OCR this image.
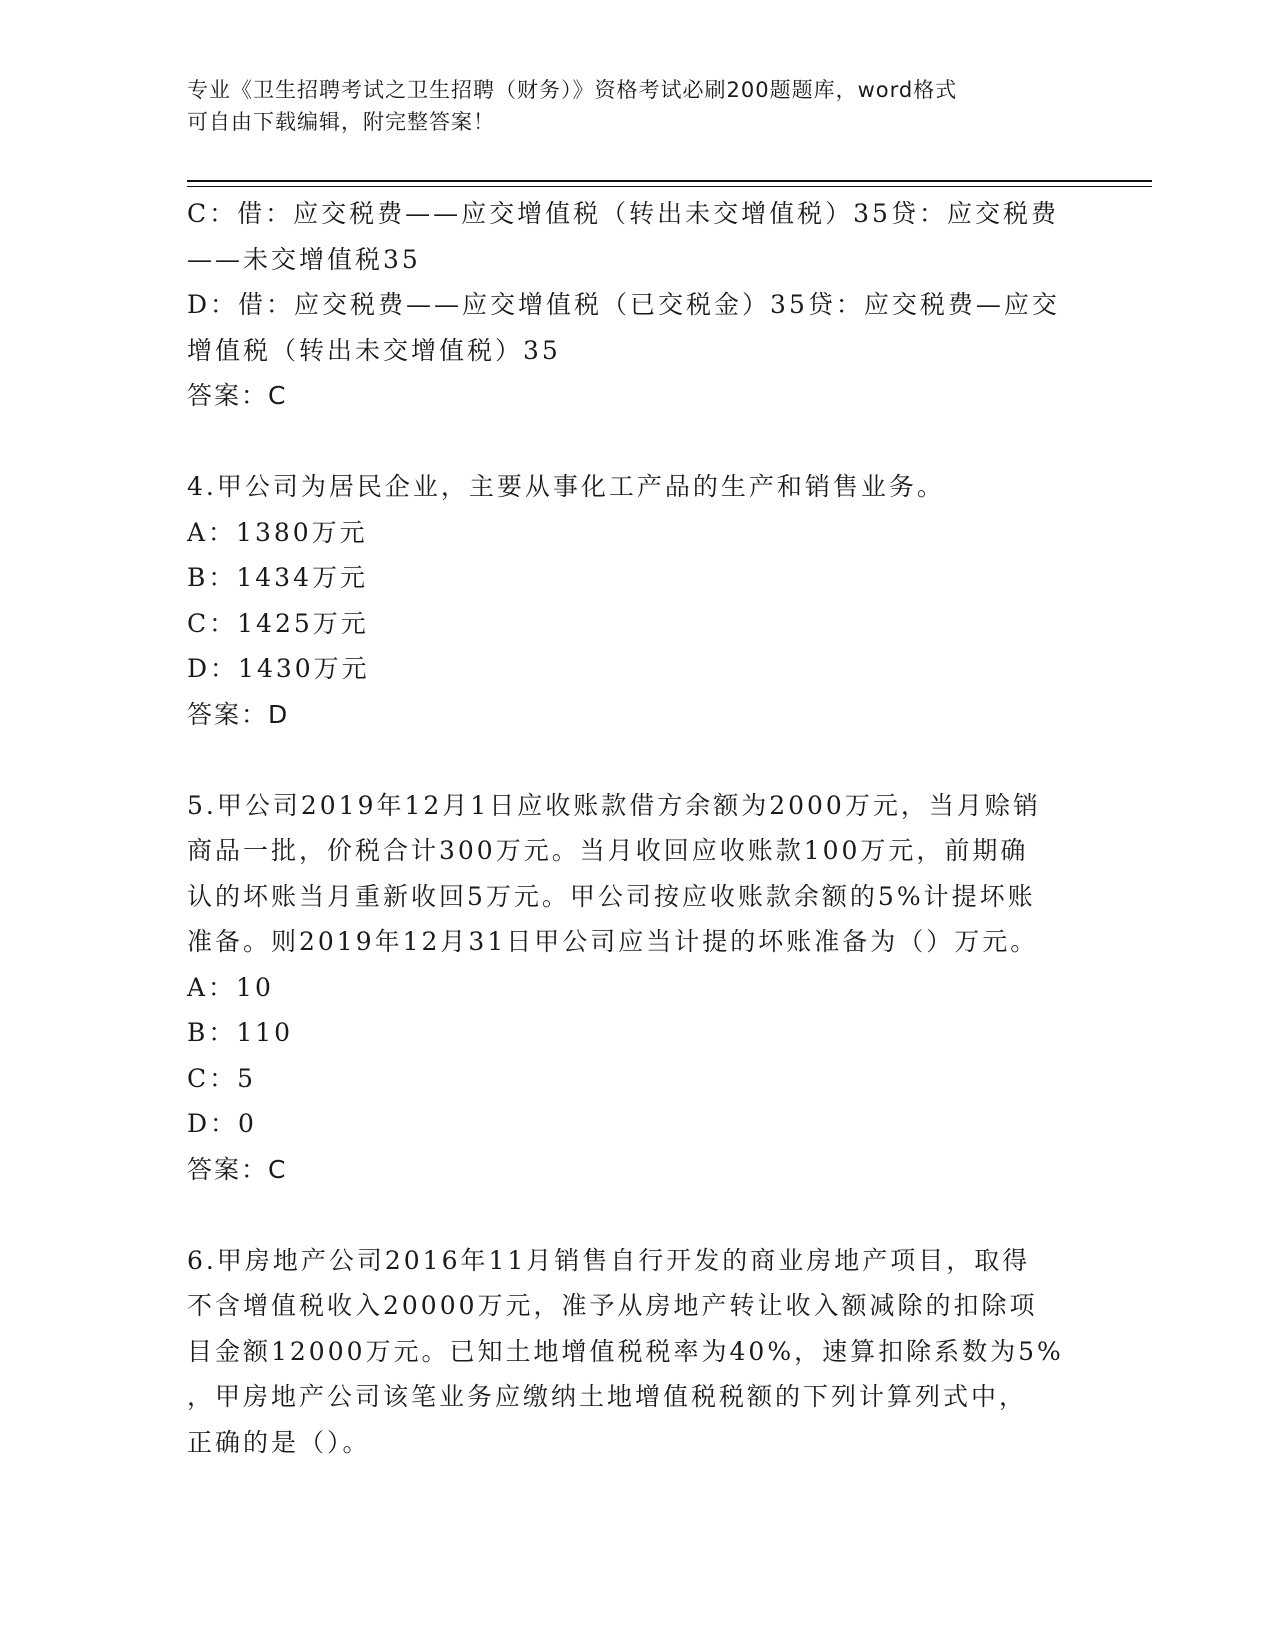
专业《卫生招聘考试之卫生招聘（财务）》资格考试必刷200题题库，word格式
可自由下载编辑，附完整答案！

C：借：应交税费——应交增值税（转出未交增值税）35贷：应交税费

——未交增值税35

D：借：应交税费——应交增值税（已交税金）35贷：应交税费—应交

增值税（转出未交增值税）35

答案：C

4.甲公司为居民企业，主要从事化工产品的生产和销售业务。

A：1380万元

B：1434万元

C：1425万元

D：1430万元

答案：D

5.甲公司2019年12月1日应收账款借方余额为2000万元，当月赊销

商品一批，价税合计300万元。当月收回应收账款100万元，前期确

认的坏账当月重新收回5万元。甲公司按应收账款余额的5%计提坏账

准备。则2019年12月31日甲公司应当计提的坏账准备为（）万元。

A：10

B：110

C：5

D：0

答案：C

6.甲房地产公司2016年11月销售自行开发的商业房地产项目，取得

不含增值税收入20000万元，准予从房地产转让收入额减除的扣除项

目金额12000万元。已知土地增值税税率为40%，速算扣除系数为5%

，甲房地产公司该笔业务应缴纳土地增值税税额的下列计算列式中，

正确的是（）。
